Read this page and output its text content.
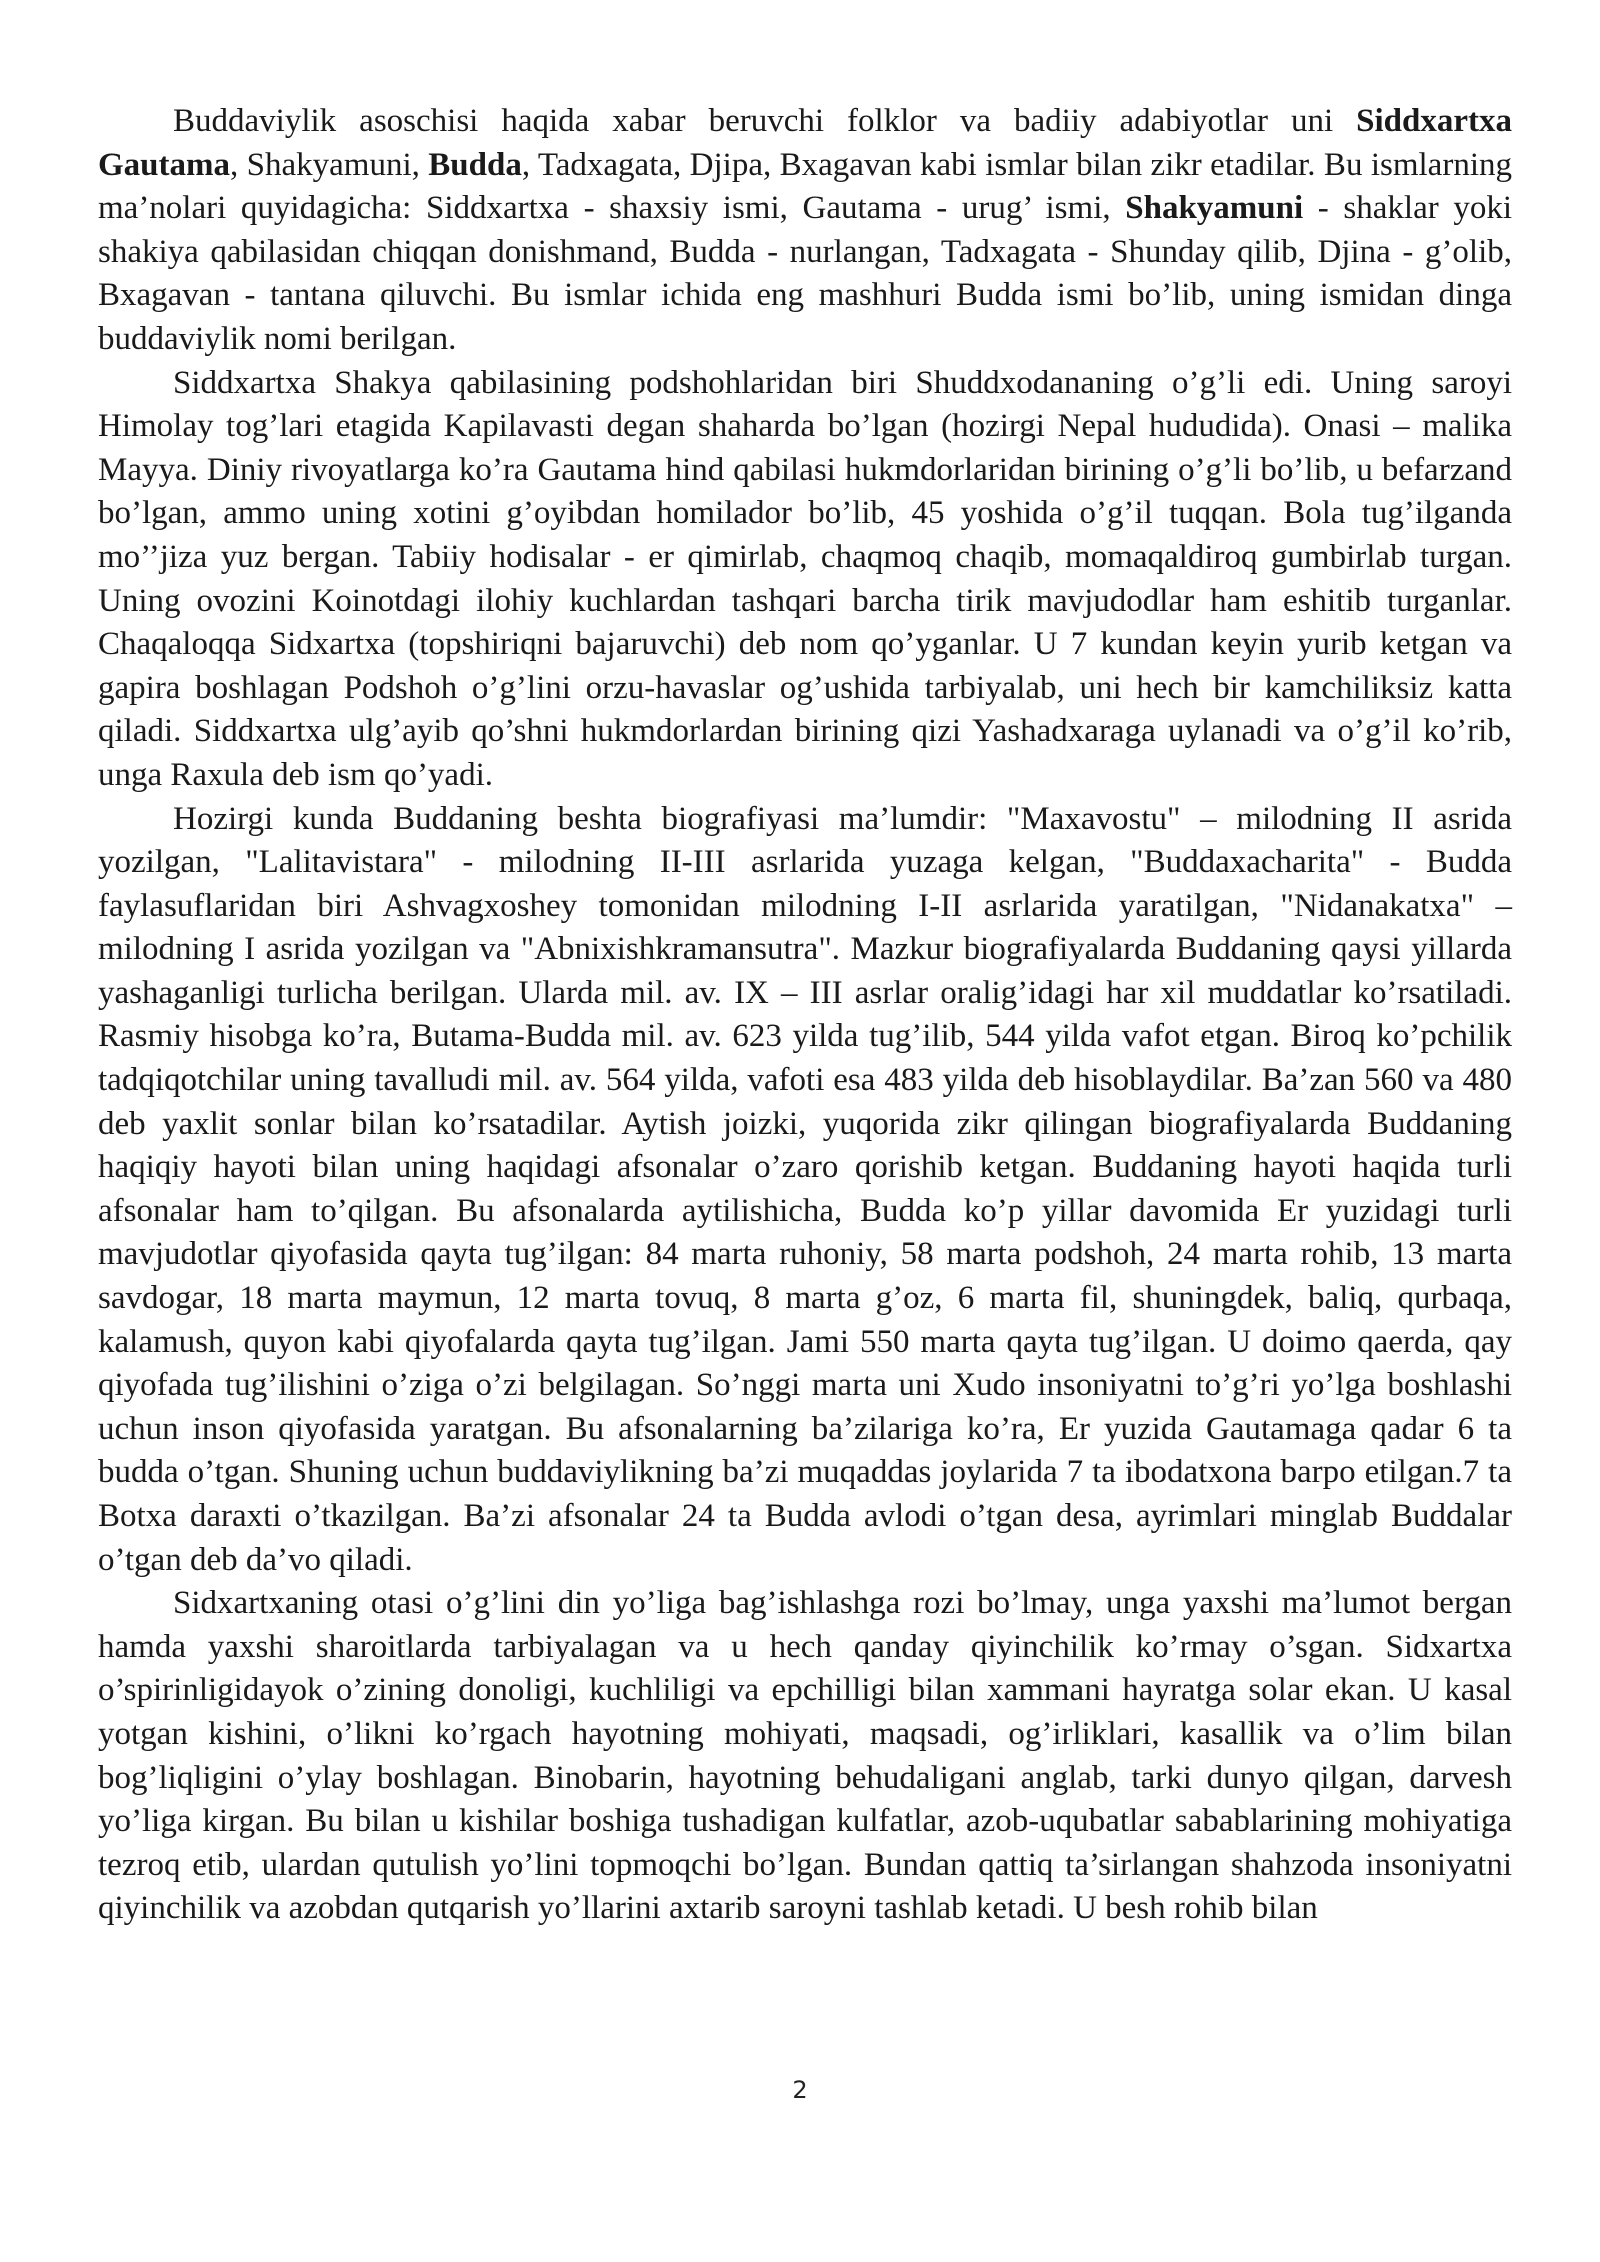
Buddaviylik asoschisi haqida xabar beruvchi folklor va badiiy adabiyotlar uni Siddxartxa Gautama, Shakyamuni, Budda, Tadxagata, Djipa, Bxagavan kabi ismlar bilan zikr etadilar. Bu ismlarning ma’nolari quyidagicha: Siddxartxa - shaxsiy ismi, Gautama - urug’ ismi, Shakyamuni - shaklar yoki shakiya qabilasidan chiqqan donishmand, Budda - nurlangan, Tadxagata - Shunday qilib, Djina - g’olib, Bxagavan - tantana qiluvchi. Bu ismlar ichida eng mashhuri Budda ismi bo’lib, uning ismidan dinga buddaviylik nomi berilgan.

Siddxartxa Shakya qabilasining podshohlaridan biri Shuddxodananing o’g’li edi. Uning saroyi Himolay tog’lari etagida Kapilavasti degan shaharda bo’lgan (hozirgi Nepal hududida). Onasi – malika Mayya. Diniy rivoyatlarga ko’ra Gautama hind qabilasi hukmdorlaridan birining o’g’li bo’lib, u befarzand bo’lgan, ammo uning xotini g’oyibdan homilador bo’lib, 45 yoshida o’g’il tuqqan. Bola tug’ilganda mo’’jiza yuz bergan. Tabiiy hodisalar - er qimirlab, chaqmoq chaqib, momaqaldiroq gumbirlab turgan. Uning ovozini Koinotdagi ilohiy kuchlardan tashqari barcha tirik mavjudodlar ham eshitib turganlar. Chaqaloqqa Sidxartxa (topshiriqni bajaruvchi) deb nom qo’yganlar. U 7 kundan keyin yurib ketgan va gapira boshlagan Podshoh o’g’lini orzu-havaslar og’ushida tarbiyalab, uni hech bir kamchiliksiz katta qiladi. Siddxartxa ulg’ayib qo’shni hukmdorlardan birining qizi Yashadxaraga uylanadi va o’g’il ko’rib, unga Raxula deb ism qo’yadi.

Hozirgi kunda Buddaning beshta biografiyasi ma’lumdir: "Maxavostu" – milodning II asrida yozilgan, "Lalitavistara" - milodning II-III asrlarida yuzaga kelgan, "Buddaxacharita" - Budda faylasuflaridan biri Ashvagxoshey tomonidan milodning I-II asrlarida yaratilgan, "Nidanakatxa" – milodning I asrida yozilgan va "Abnixishkramansutra". Mazkur biografiyalarda Buddaning qaysi yillarda yashaganligi turlicha berilgan. Ularda mil. av. IX – III asrlar oralig’idagi har xil muddatlar ko’rsatiladi. Rasmiy hisobga ko’ra, Butama-Budda mil. av. 623 yilda tug’ilib, 544 yilda vafot etgan. Biroq ko’pchilik tadqiqotchilar uning tavalludi mil. av. 564 yilda, vafoti esa 483 yilda deb hisoblaydilar. Ba’zan 560 va 480 deb yaxlit sonlar bilan ko’rsatadilar. Aytish joizki, yuqorida zikr qilingan biografiyalarda Buddaning haqiqiy hayoti bilan uning haqidagi afsonalar o’zaro qorishib ketgan. Buddaning hayoti haqida turli afsonalar ham to’qilgan. Bu afsonalarda aytilishicha, Budda ko’p yillar davomida Er yuzidagi turli mavjudotlar qiyofasida qayta tug’ilgan: 84 marta ruhoniy, 58 marta podshoh, 24 marta rohib, 13 marta savdogar, 18 marta maymun, 12 marta tovuq, 8 marta g’oz, 6 marta fil, shuningdek, baliq, qurbaqa, kalamush, quyon kabi qiyofalarda qayta tug’ilgan. Jami 550 marta qayta tug’ilgan. U doimo qaerda, qay qiyofada tug’ilishini o’ziga o’zi belgilagan. So’nggi marta uni Xudo insoniyatni to’g’ri yo’lga boshlashi uchun inson qiyofasida yaratgan. Bu afsonalarning ba’zilariga ko’ra, Er yuzida Gautamaga qadar 6 ta budda o’tgan. Shuning uchun buddaviylikning ba’zi muqaddas joylarida 7 ta ibodatxona barpo etilgan.7 ta Botxa daraxti o’tkazilgan. Ba’zi afsonalar 24 ta Budda avlodi o’tgan desa, ayrimlari minglab Buddalar o’tgan deb da’vo qiladi.

Sidxartxaning otasi o’g’lini din yo’liga bag’ishlashga rozi bo’lmay, unga yaxshi ma’lumot bergan hamda yaxshi sharoitlarda tarbiyalagan va u hech qanday qiyinchilik ko’rmay o’sgan. Sidxartxa o’spirinligidayok o’zining donoligi, kuchliligi va epchilligi bilan xammani hayratga solar ekan. U kasal yotgan kishini, o’likni ko’rgach hayotning mohiyati, maqsadi, og’irliklari, kasallik va o’lim bilan bog’liqligini o’ylay boshlagan. Binobarin, hayotning behudaligani anglab, tarki dunyo qilgan, darvesh yo’liga kirgan. Bu bilan u kishilar boshiga tushadigan kulfatlar, azob-uqubatlar sabablarining mohiyatiga tezroq etib, ulardan qutulish yo’lini topmoqchi bo’lgan. Bundan qattiq ta’sirlangan shahzoda insoniyatni qiyinchilik va azobdan qutqarish yo’llarini axtarib saroyni tashlab ketadi. U besh rohib bilan

2
